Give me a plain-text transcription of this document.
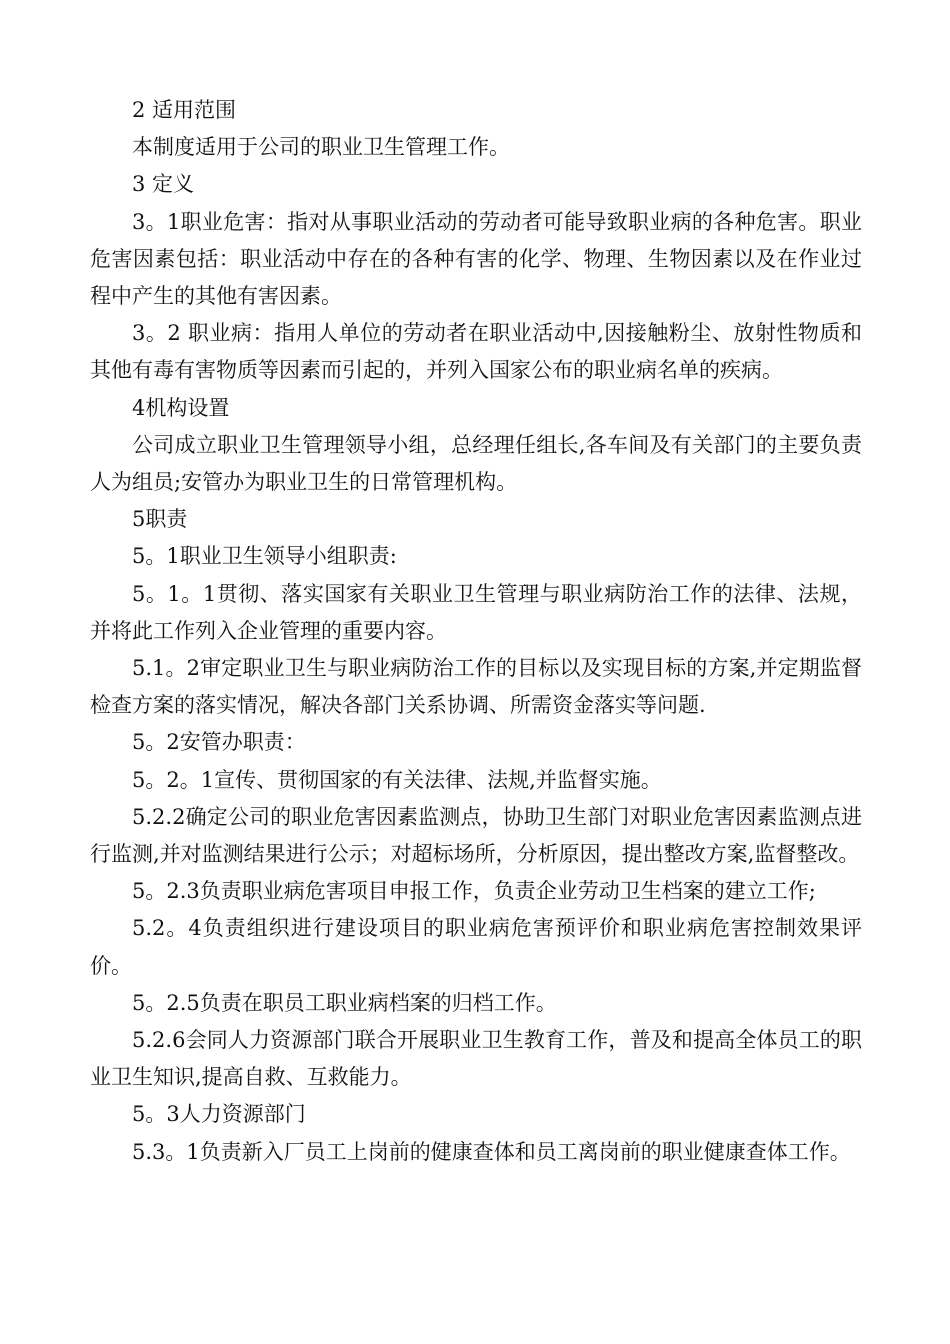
2 适用范围

本制度适用于公司的职业卫生管理工作。

3 定义

3。1职业危害：指对从事职业活动的劳动者可能导致职业病的各种危害。职业危害因素包括：职业活动中存在的各种有害的化学、物理、生物因素以及在作业过程中产生的其他有害因素。

3。2 职业病：指用人单位的劳动者在职业活动中,因接触粉尘、放射性物质和其他有毒有害物质等因素而引起的，并列入国家公布的职业病名单的疾病。

4机构设置

公司成立职业卫生管理领导小组，总经理任组长,各车间及有关部门的主要负责人为组员;安管办为职业卫生的日常管理机构。

5职责

5。1职业卫生领导小组职责:

5。1。1贯彻、落实国家有关职业卫生管理与职业病防治工作的法律、法规，并将此工作列入企业管理的重要内容。

5.1。2审定职业卫生与职业病防治工作的目标以及实现目标的方案,并定期监督检查方案的落实情况，解决各部门关系协调、所需资金落实等问题.

5。2安管办职责：

5。2。1宣传、贯彻国家的有关法律、法规,并监督实施。

5.2.2确定公司的职业危害因素监测点，协助卫生部门对职业危害因素监测点进行监测,并对监测结果进行公示；对超标场所，分析原因，提出整改方案,监督整改。

5。2.3负责职业病危害项目申报工作，负责企业劳动卫生档案的建立工作;

5.2。4负责组织进行建设项目的职业病危害预评价和职业病危害控制效果评价。

5。2.5负责在职员工职业病档案的归档工作。

5.2.6会同人力资源部门联合开展职业卫生教育工作，普及和提高全体员工的职业卫生知识,提高自救、互救能力。

5。3人力资源部门

5.3。1负责新入厂员工上岗前的健康查体和员工离岗前的职业健康查体工作。
